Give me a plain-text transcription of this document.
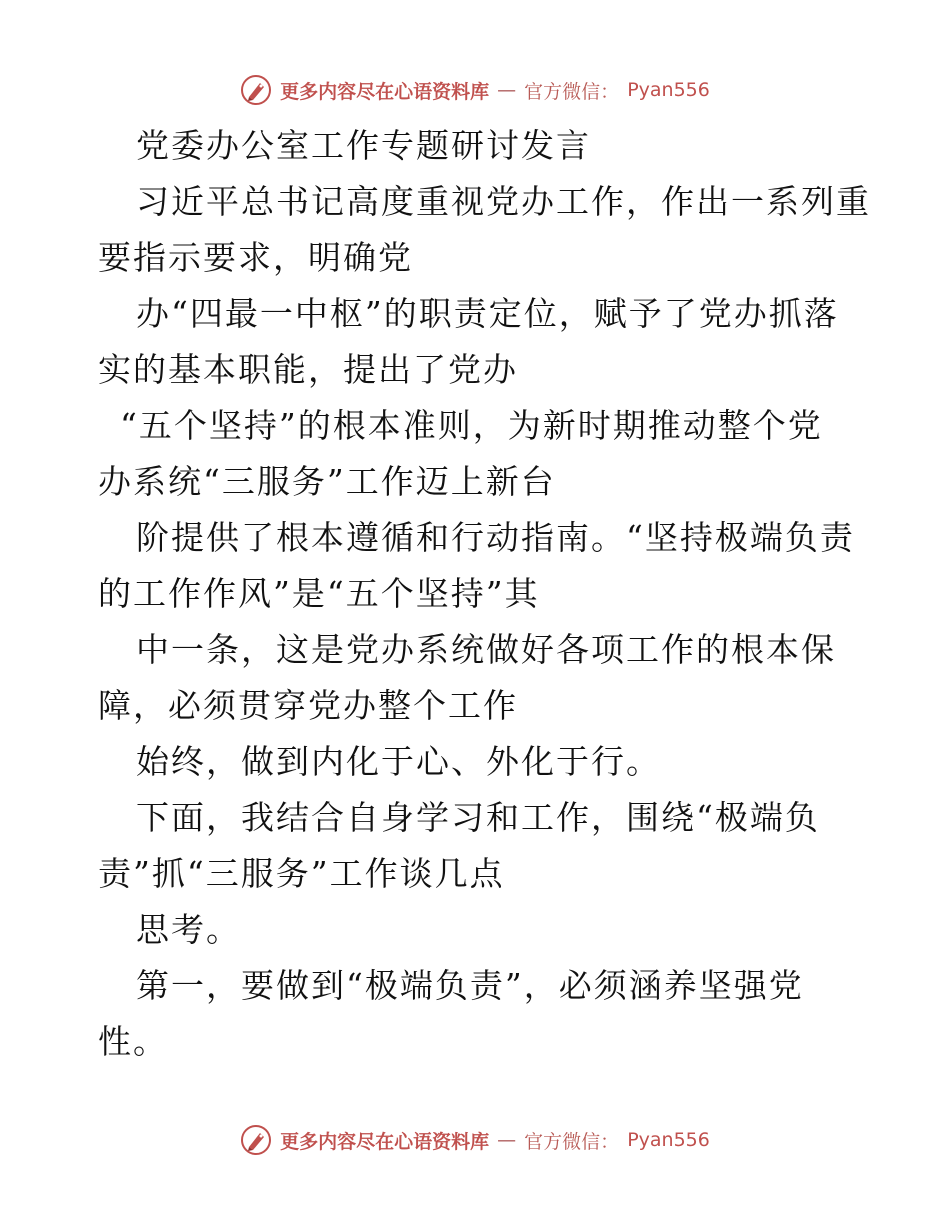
更多内容尽在心语资料库 — 官方微信： Pyan556
党委办公室工作专题研讨发言
习近平总书记高度重视党办工作，作出一系列重
要指示要求，明确党
办“四最一中枢”的职责定位，赋予了党办抓落
实的基本职能，提出了党办
“五个坚持”的根本准则，为新时期推动整个党
办系统“三服务”工作迈上新台
阶提供了根本遵循和行动指南。“坚持极端负责
的工作作风”是“五个坚持”其
中一条，这是党办系统做好各项工作的根本保
障，必须贯穿党办整个工作
始终，做到内化于心、外化于行。
下面，我结合自身学习和工作，围绕“极端负
责”抓“三服务”工作谈几点
思考。
第一，要做到“极端负责”，必须涵养坚强党
性。
更多内容尽在心语资料库 — 官方微信： Pyan556
